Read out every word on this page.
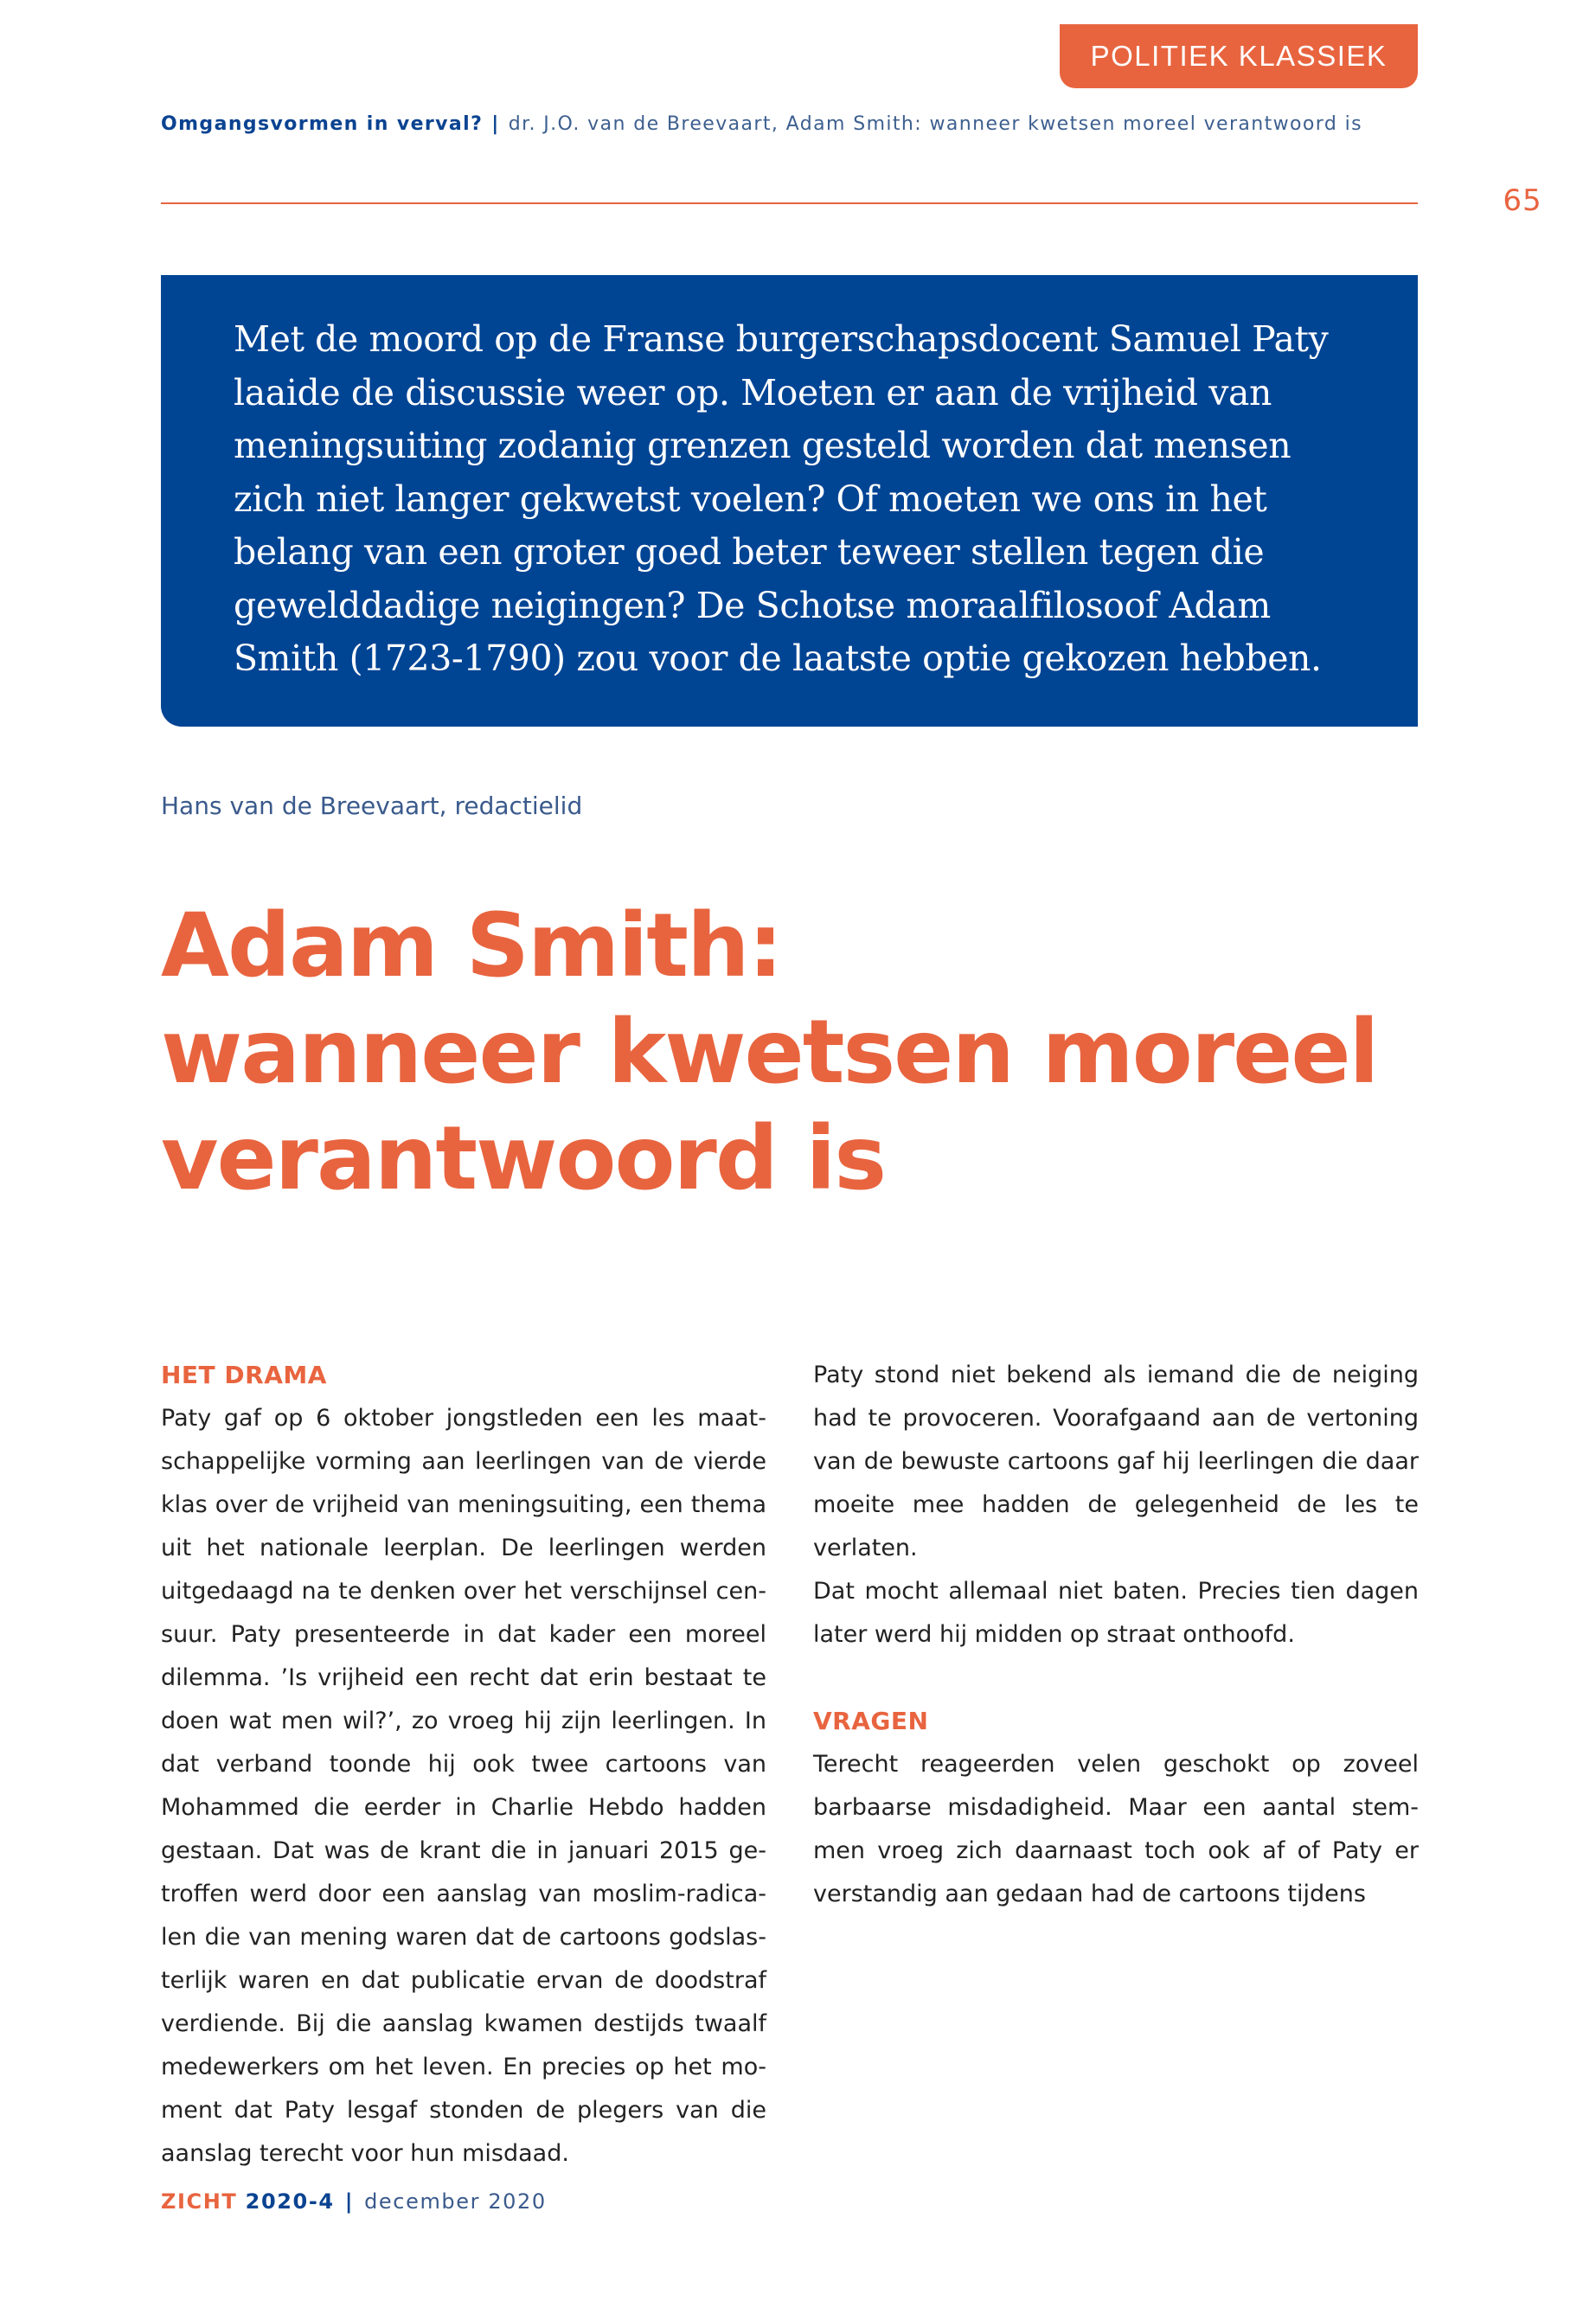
POLITIEK KLASSIEK
Omgangsvormen in verval? | dr. J.O. van de Breevaart, Adam Smith: wanneer kwetsen moreel verantwoord is
65

Met de moord op de Franse burgerschapsdocent Samuel Paty laaide de discussie weer op. Moeten er aan de vrijheid van meningsuiting zodanig grenzen gesteld worden dat mensen zich niet langer gekwetst voelen? Of moeten we ons in het belang van een groter goed beter teweer stellen tegen die gewelddadige neigingen? De Schotse moraalfilosoof Adam Smith (1723-1790) zou voor de laatste optie gekozen hebben.

Hans van de Breevaart, redactielid
Adam Smith:
wanneer kwetsen moreel
verantwoord is
HET DRAMA

Paty gaf op 6 oktober jongstleden een les maatschappelijke vorming aan leerlingen van de vierde klas over de vrijheid van meningsuiting, een thema uit het nationale leerplan. De leerlingen werden uitgedaagd na te denken over het verschijnsel censuur. Paty presenteerde in dat kader een moreel dilemma. ’Is vrijheid een recht dat erin bestaat te doen wat men wil?’, zo vroeg hij zijn leerlingen. In dat verband toonde hij ook twee cartoons van Mohammed die eerder in Charlie Hebdo hadden gestaan. Dat was de krant die in januari 2015 getroffen werd door een aanslag van moslim-radicalen die van mening waren dat de cartoons godslasterlijk waren en dat publicatie ervan de doodstraf verdiende. Bij die aanslag kwamen destijds twaalf medewerkers om het leven. En precies op het moment dat Paty lesgaf stonden de plegers van die aanslag terecht voor hun misdaad.

Paty stond niet bekend als iemand die de neiging had te provoceren. Voorafgaand aan de vertoning van de bewuste cartoons gaf hij leerlingen die daar moeite mee hadden de gelegenheid de les te verlaten.

Dat mocht allemaal niet baten. Precies tien dagen later werd hij midden op straat onthoofd.

VRAGEN

Terecht reageerden velen geschokt op zoveel barbaarse misdadigheid. Maar een aantal stemmen vroeg zich daarnaast toch ook af of Paty er verstandig aan gedaan had de cartoons tijdens

ZICHT 2020-4 | december 2020
